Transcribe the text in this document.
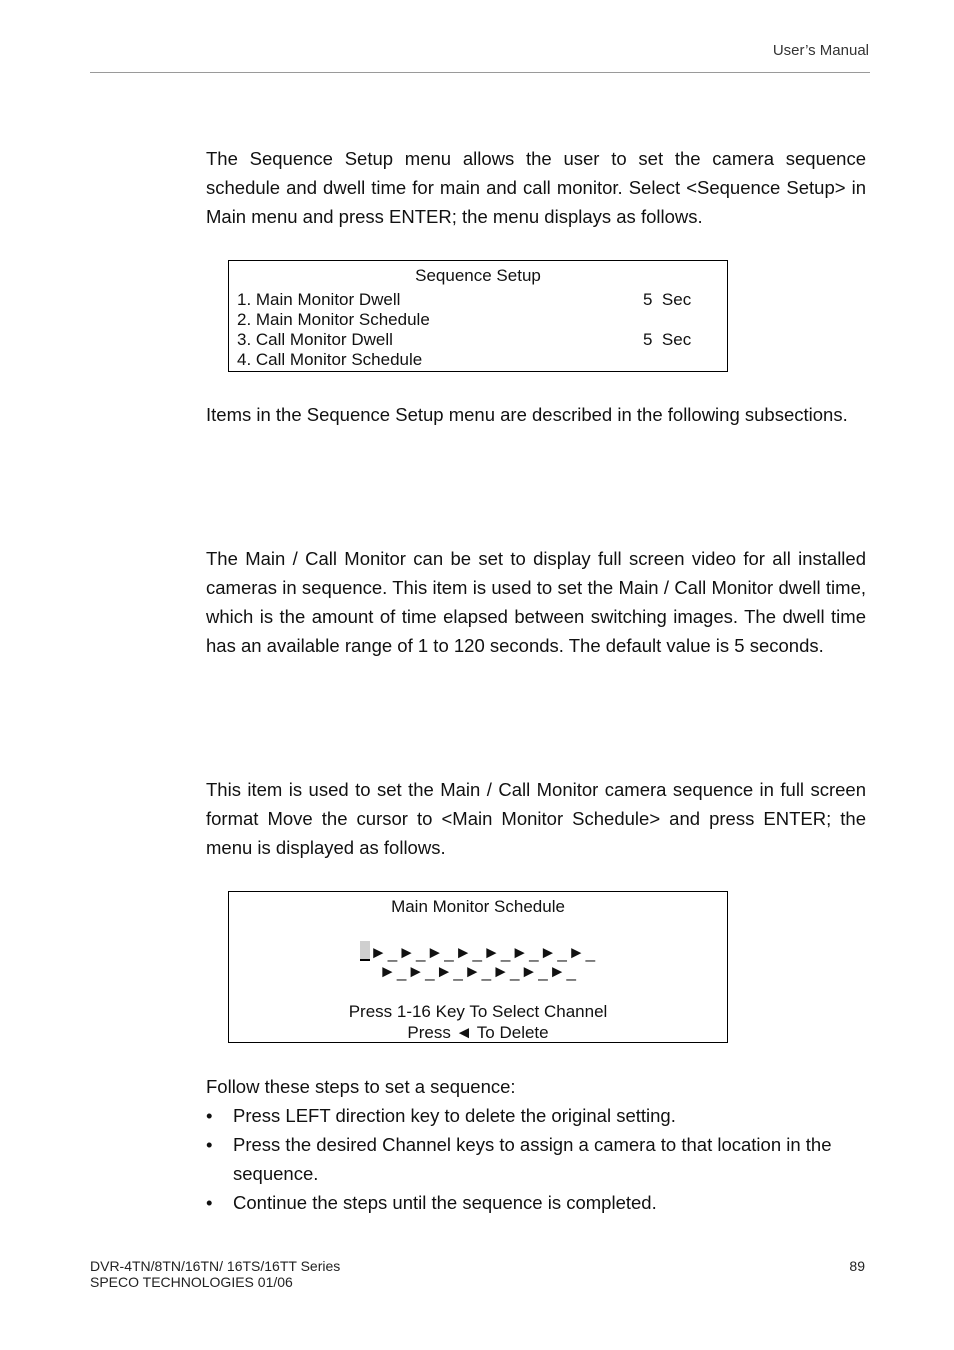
User’s Manual

The Sequence Setup menu allows the user to set the camera sequence schedule and dwell time for main and call monitor. Select <Sequence Setup> in Main menu and press ENTER; the menu displays as follows.

Sequence Setup
1. Main Monitor Dwell	5  Sec
2. Main Monitor Schedule
3. Call Monitor Dwell	5  Sec
4. Call Monitor Schedule

Items in the Sequence Setup menu are described in the following subsections.

The Main / Call Monitor can be set to display full screen video for all installed cameras in sequence. This item is used to set the Main / Call Monitor dwell time, which is the amount of time elapsed between switching images. The dwell time has an available range of 1 to 120 seconds. The default value is 5 seconds.

This item is used to set the Main / Call Monitor camera sequence in full screen format Move the cursor to <Main Monitor Schedule> and press ENTER; the menu is displayed as follows.

Main Monitor Schedule
►_►_►_►_►_►_►_►_
►_►_►_►_►_►_►_
Press 1-16 Key To Select Channel
Press ◄ To Delete
Follow these steps to set a sequence:
• Press LEFT direction key to delete the original setting.
• Press the desired Channel keys to assign a camera to that location in the sequence.
• Continue the steps until the sequence is completed.
DVR-4TN/8TN/16TN/ 16TS/16TT Series
SPECO TECHNOLOGIES 01/06
89
